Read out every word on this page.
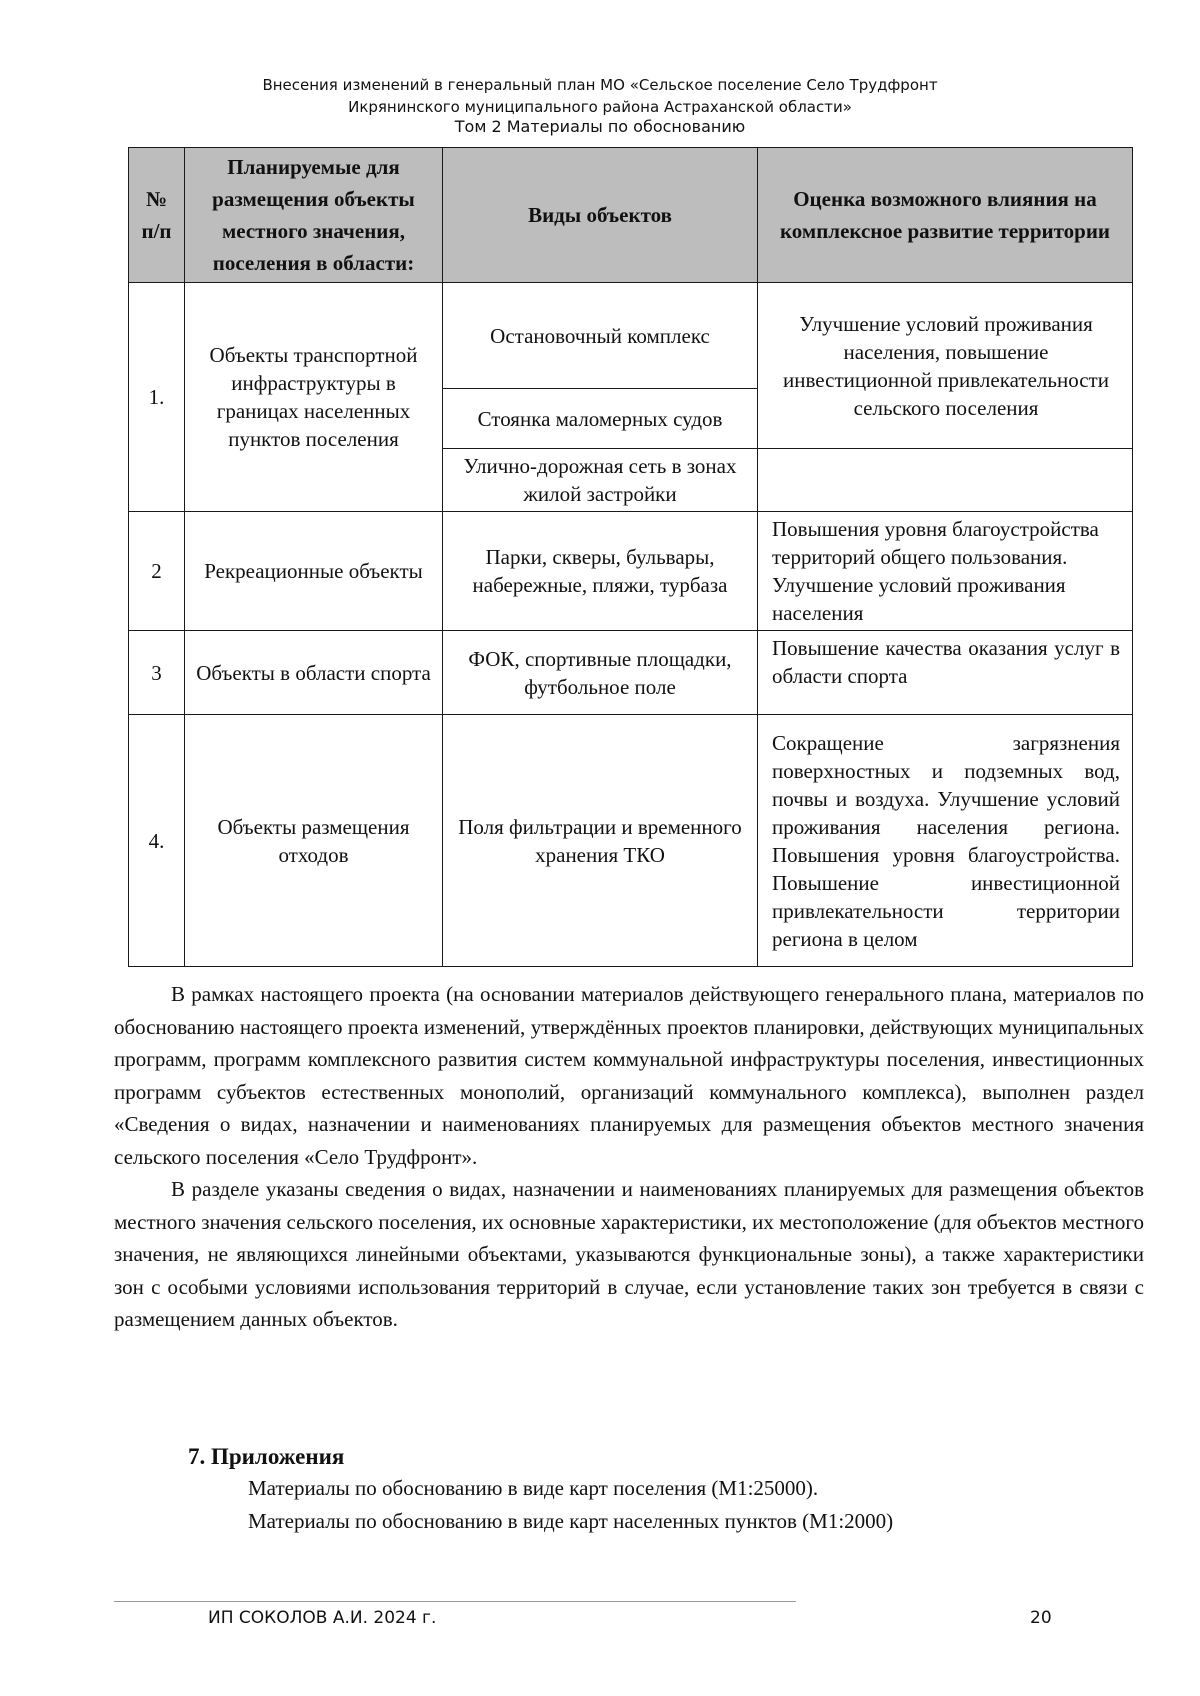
Внесения изменений в генеральный план МО «Сельское поселение Село Трудфронт
Икрянинского муниципального района Астраханской области»
Том 2 Материалы по обоснованию
№ п/п	Планируемые для размещения объекты местного значения, поселения в области:	Виды объектов	Оценка возможного влияния на комплексное развитие территории
1.	Объекты транспортной инфраструктуры в границах населенных пунктов поселения	Остановочный комплекс	Улучшение условий проживания населения, повышение инвестиционной привлекательности сельского поселения
		Стоянка маломерных судов	
		Улично-дорожная сеть в зонах жилой застройки	
2	Рекреационные объекты	Парки, скверы, бульвары, набережные, пляжи, турбаза	Повышения уровня благоустройства территорий общего пользования. Улучшение условий проживания населения
3	Объекты в области спорта	ФОК, спортивные площадки, футбольное поле	Повышение качества оказания услуг в области спорта
4.	Объекты размещения отходов	Поля фильтрации и временного хранения ТКО	Сокращение загрязнения поверхностных и подземных вод, почвы и воздуха. Улучшение условий проживания населения региона. Повышения уровня благоустройства. Повышение инвестиционной привлекательности территории региона в целом

В рамках настоящего проекта (на основании материалов действующего генерального плана, материалов по обоснованию настоящего проекта изменений, утверждённых проектов планировки, действующих муниципальных программ, программ комплексного развития систем коммунальной инфраструктуры поселения, инвестиционных программ субъектов естественных монополий, организаций коммунального комплекса), выполнен раздел «Сведения о видах, назначении и наименованиях планируемых для размещения объектов местного значения сельского поселения «Село Трудфронт».

В разделе указаны сведения о видах, назначении и наименованиях планируемых для размещения объектов местного значения сельского поселения, их основные характеристики, их местоположение (для объектов местного значения, не являющихся линейными объектами, указываются функциональные зоны), а также характеристики зон с особыми условиями использования территорий в случае, если установление таких зон требуется в связи с размещением данных объектов.

7. Приложения
Материалы по обоснованию в виде карт поселения (М1:25000).
Материалы по обоснованию в виде карт населенных пунктов (М1:2000)
ИП СОКОЛОВ А.И. 2024 г.	20
